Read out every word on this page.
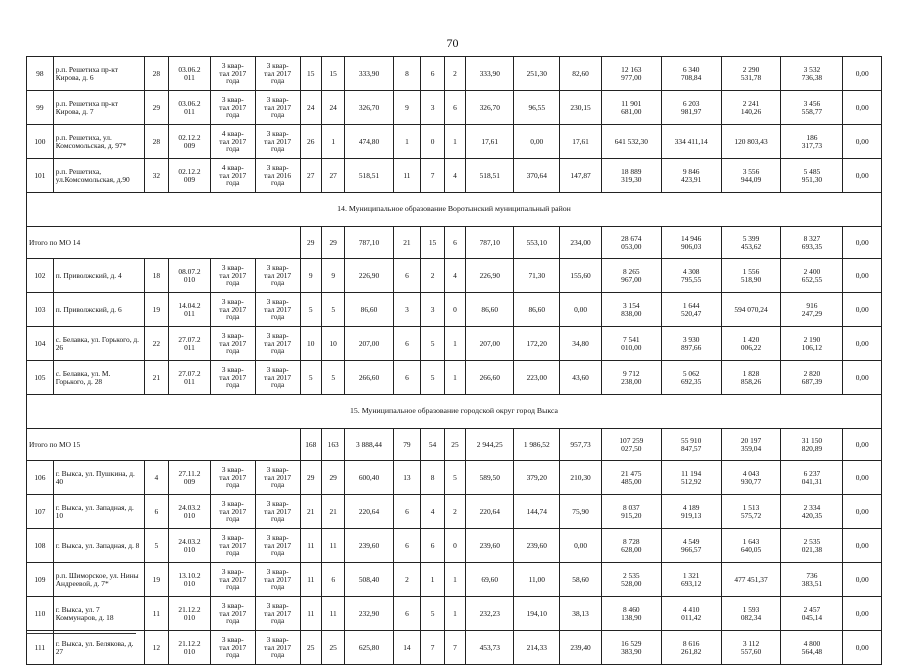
70
98	р.п. Решетиха пр-кт Кирова, д. 6	28	03.06.2
011	3 квар-
тал 2017
года	3 квар-
тал 2017
года	15	15	333,90	8	6	2	333,90	251,30	82,60	12 163
977,00	6 340
708,84	2 290
531,78	3 532
736,38	0,00
99	р.п. Решетиха пр-кт Кирова, д. 7	29	03.06.2
011	3 квар-
тал 2017
года	3 квар-
тал 2017
года	24	24	326,70	9	3	6	326,70	96,55	230,15	11 901
681,00	6 203
981,97	2 241
140,26	3 456
558,77	0,00
100	р.п. Решетиха, ул. Комсомольская, д. 97*	28	02.12.2
009	4 квар-
тал 2017
года	3 квар-
тал 2017
года	26	1	474,80	1	0	1	17,61	0,00	17,61	641 532,30	334 411,14	120 803,43	186
317,73	0,00
101	р.п. Решетиха, ул.Комсомольская, д.90	32	02.12.2
009	4 квар-
тал 2017
года	3 квар-
тал 2016
года	27	27	518,51	11	7	4	518,51	370,64	147,87	18 889
319,30	9 846
423,91	3 556
944,09	5 485
951,30	0,00
14. Муниципальное образование Воротынский муниципальный район																			
Итого по МО 14						29	29	787,10	21	15	6	787,10	553,10	234,00	28 674
053,00	14 946
906,03	5 399
453,62	8 327
693,35	0,00
102	п. Приволжский, д. 4	18	08.07.2
010	3 квар-
тал 2017
года	3 квар-
тал 2017
года	9	9	226,90	6	2	4	226,90	71,30	155,60	8 265
967,00	4 308
795,55	1 556
518,90	2 400
652,55	0,00
103	п. Приволжский, д. 6	19	14.04.2
011	3 квар-
тал 2017
года	3 квар-
тал 2017
года	5	5	86,60	3	3	0	86,60	86,60	0,00	3 154
838,00	1 644
520,47	594 070,24	916
247,29	0,00
104	с. Белавка, ул. Горького, д. 26	22	27.07.2
011	3 квар-
тал 2017
года	3 квар-
тал 2017
года	10	10	207,00	6	5	1	207,00	172,20	34,80	7 541
010,00	3 930
897,66	1 420
006,22	2 190
106,12	0,00
105	с. Белавка, ул. М. Горького, д. 28	21	27.07.2
011	3 квар-
тал 2017
года	3 квар-
тал 2017
года	5	5	266,60	6	5	1	266,60	223,00	43,60	9 712
238,00	5 062
692,35	1 828
858,26	2 820
687,39	0,00
15. Муниципальное образование городской округ город Выкса																			
Итого по МО 15						168	163	3 888,44	79	54	25	2 944,25	1 986,52	957,73	107 259
027,50	55 910
847,57	20 197
359,04	31 150
820,89	0,00
106	г. Выкса, ул. Пушкина, д. 40	4	27.11.2
009	3 квар-
тал 2017
года	3 квар-
тал 2017
года	29	29	600,40	13	8	5	589,50	379,20	210,30	21 475
485,00	11 194
512,92	4 043
930,77	6 237
041,31	0,00
107	г. Выкса, ул. Западная, д. 10	6	24.03.2
010	3 квар-
тал 2017
года	3 квар-
тал 2017
года	21	21	220,64	6	4	2	220,64	144,74	75,90	8 037
915,20	4 189
919,13	1 513
575,72	2 334
420,35	0,00
108	г. Выкса, ул. Западная, д. 8	5	24.03.2
010	3 квар-
тал 2017
года	3 квар-
тал 2017
года	11	11	239,60	6	6	0	239,60	239,60	0,00	8 728
628,00	4 549
966,57	1 643
640,05	2 535
021,38	0,00
109	р.п. Шиморское, ул. Нины Андреевой, д. 7*	19	13.10.2
010	3 квар-
тал 2017
года	3 квар-
тал 2017
года	11	6	508,40	2	1	1	69,60	11,00	58,60	2 535
528,00	1 321
693,12	477 451,37	736
383,51	0,00
110	г. Выкса, ул. 7 Коммунаров, д. 18	11	21.12.2
010	3 квар-
тал 2017
года	3 квар-
тал 2017
года	11	11	232,90	6	5	1	232,23	194,10	38,13	8 460
138,90	4 410
011,42	1 593
082,34	2 457
045,14	0,00
111	г. Выкса, ул. Белякова, д. 27	12	21.12.2
010	3 квар-
тал 2017
года	3 квар-
тал 2017
года	25	25	625,80	14	7	7	453,73	214,33	239,40	16 529
383,90	8 616
261,82	3 112
557,60	4 800
564,48	0,00
